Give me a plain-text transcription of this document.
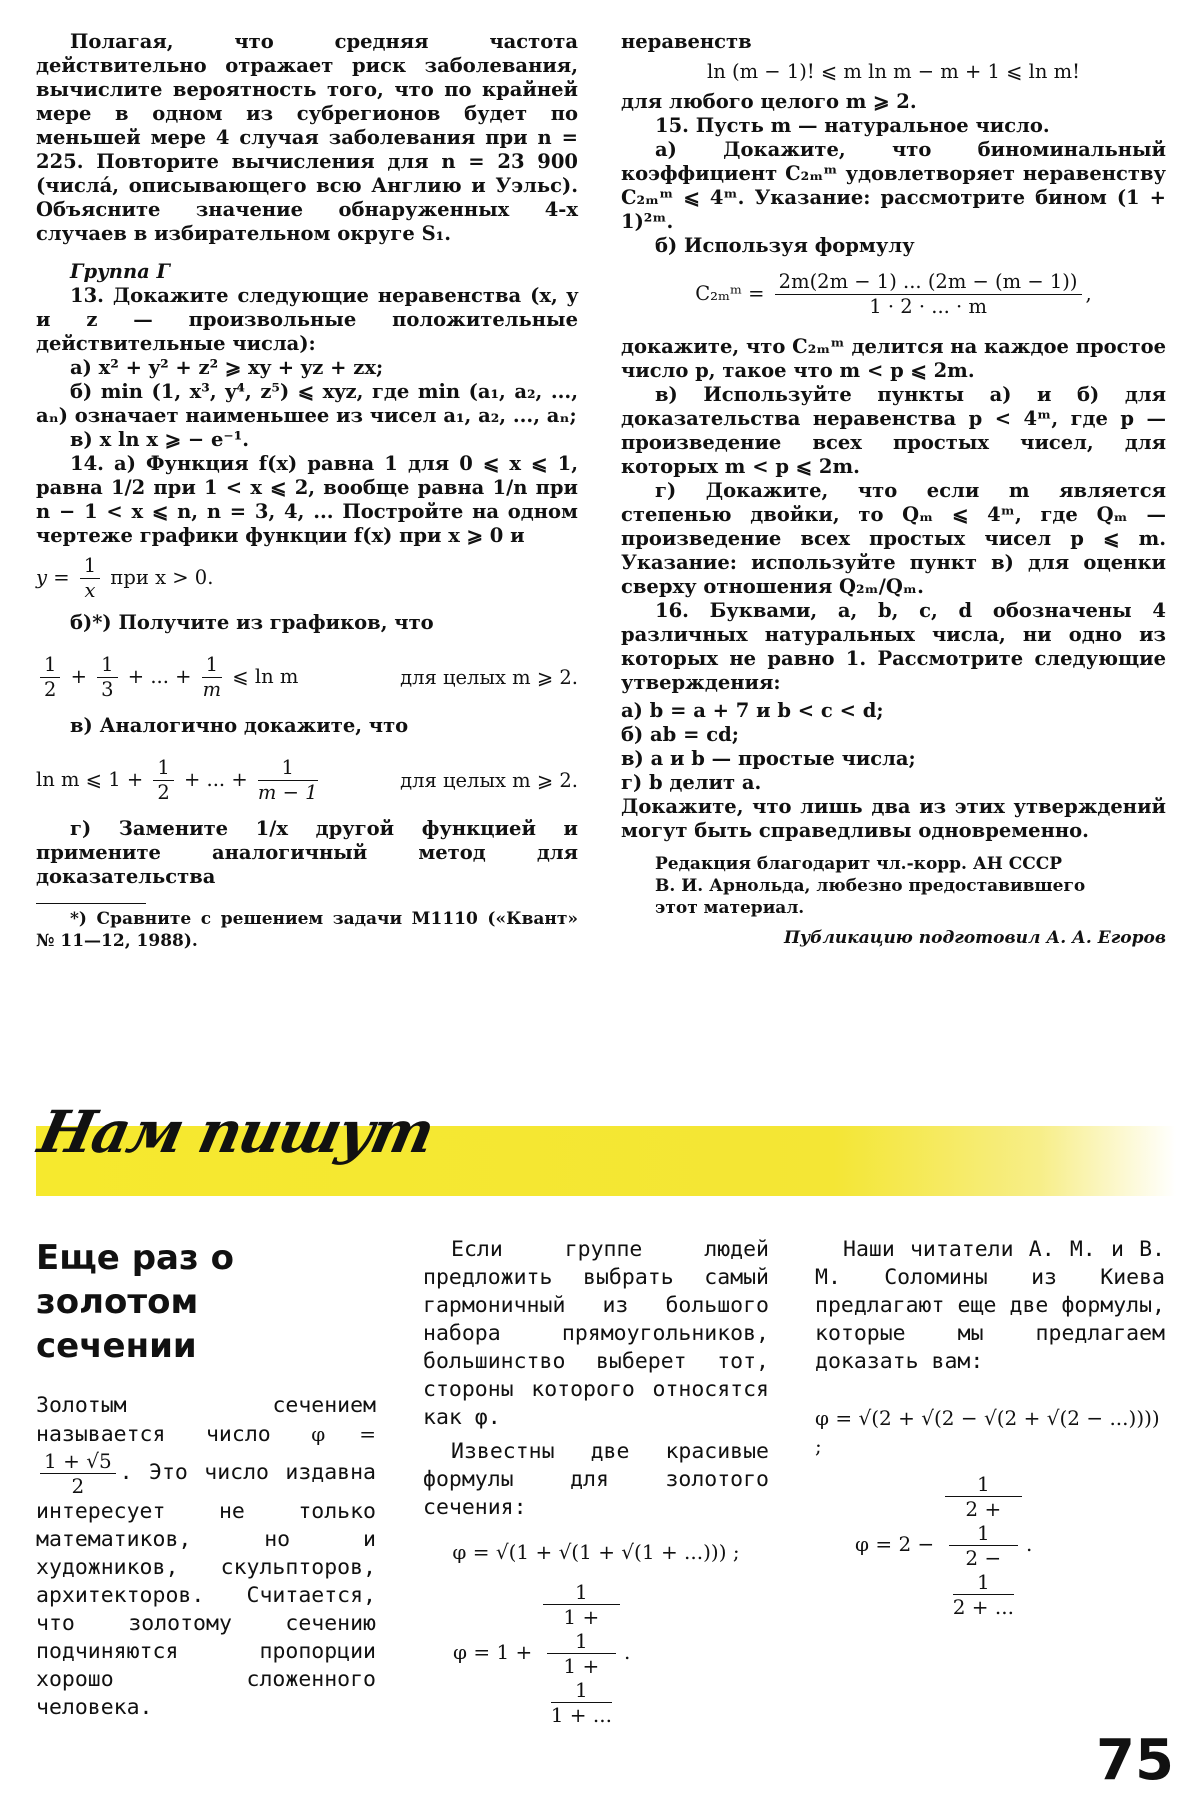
Полагая, что средняя частота действительно отражает риск заболевания, вычислите вероятность того, что по крайней мере в одном из субрегионов будет по меньшей мере 4 случая заболевания при n = 225. Повторите вычисления для n = 23 900 (числá, описывающего всю Англию и Уэльс). Объясните значение обнаруженных 4-х случаев в избирательном округе S₁.

Группа Г

13. Докажите следующие неравенства (x, y и z — произвольные положительные действительные числа):

а) x² + y² + z² ⩾ xy + yz + zx;

б) min (1, x³, y⁴, z⁵) ⩽ xyz, где min (a₁, a₂, ..., aₙ) означает наименьшее из чисел a₁, a₂, ..., aₙ;

в) x ln x ⩾ − e⁻¹.

14. а) Функция f(x) равна 1 для 0 ⩽ x ⩽ 1, равна 1/2 при 1 < x ⩽ 2, вообще равна 1/n при n − 1 < x ⩽ n, n = 3, 4, ... Постройте на одном чертеже графики функции f(x) при x ⩾ 0 и

$y = \frac{1}{x}$ при x > 0.

б)*) Получите из графиков, что

$\frac{1}{2} + \frac{1}{3}$ + ... + $\frac{1}{m}$ ⩽ ln m	для целых m ⩾ 2.

в) Аналогично докажите, что

ln m ⩽ $1 + \frac{1}{2}$ + ... + $\frac{1}{m - 1}$	для целых m ⩾ 2.

г) Замените 1/x другой функцией и примените аналогичный метод для доказательства

*) Сравните с решением задачи М1110 («Квант» № 11—12, 1988).

неравенств

ln (m − 1)! ⩽ m ln m − m + 1 ⩽ ln m!

для любого целого m ⩾ 2.

15. Пусть m — натуральное число.

а) Докажите, что биноминальный коэффициент C₂ₘᵐ удовлетворяет неравенству C₂ₘᵐ ⩽ 4ᵐ. Указание: рассмотрите бином (1 + 1)²ᵐ.

б) Используя формулу

C₂ₘᵐ = $\frac{2m(2m - 1) ... (2m - (m - 1))}{1 \cdot 2 \cdot ... \cdot m}$ ,

докажите, что C₂ₘᵐ делится на каждое простое число p, такое что m < p ⩽ 2m.

в) Используйте пункты а) и б) для доказательства неравенства p < 4ᵐ, где p — произведение всех простых чисел, для которых m < p ⩽ 2m.

г) Докажите, что если m является степенью двойки, то Qₘ ⩽ 4ᵐ, где Qₘ — произведение всех простых чисел p ⩽ m. Указание: используйте пункт в) для оценки сверху отношения Q₂ₘ/Qₘ.

16. Буквами, a, b, c, d обозначены 4 различных натуральных числа, ни одно из которых не равно 1. Рассмотрите следующие утверждения:

а) b = a + 7 и b < c < d;

б) ab = cd;

в) a и b — простые числа;

г) b делит a.

Докажите, что лишь два из этих утверждений могут быть справедливы одновременно.

Редакция благодарит чл.-корр. АН СССР
В. И. Арнольда, любезно предоставившего
этот материал.

Публикацию подготовил А. А. Егоров

Нам пишут
Еще раз о золотом сечении

Золотым сечением называется число φ =
$\frac{1 + √5}{2}$ . Это число издавна интересует не только математиков, но и художников, скульпторов, архитекторов. Считается, что золотому сечению подчиняются пропорции хорошо сложенного человека.

Если группе людей предложить выбрать самый гармоничный из большого набора прямоугольников, большинство выберет тот, стороны которого относятся как φ.

Известны две красивые формулы для золотого сечения:

φ = √(1 + √(1 + √(1 + ...))) ;
φ = 1 + 1
1 +
1
1 +
1
1 + ... .

Наши читатели А. М. и В. М. Соломины из Киева предлагают еще две формулы, которые мы предлагаем доказать вам:

φ = √(2 + √(2 − √(2 + √(2 − ...)))) ;
φ = 2 − 1
2 +
1
2 −
1
2 + ... .
75
